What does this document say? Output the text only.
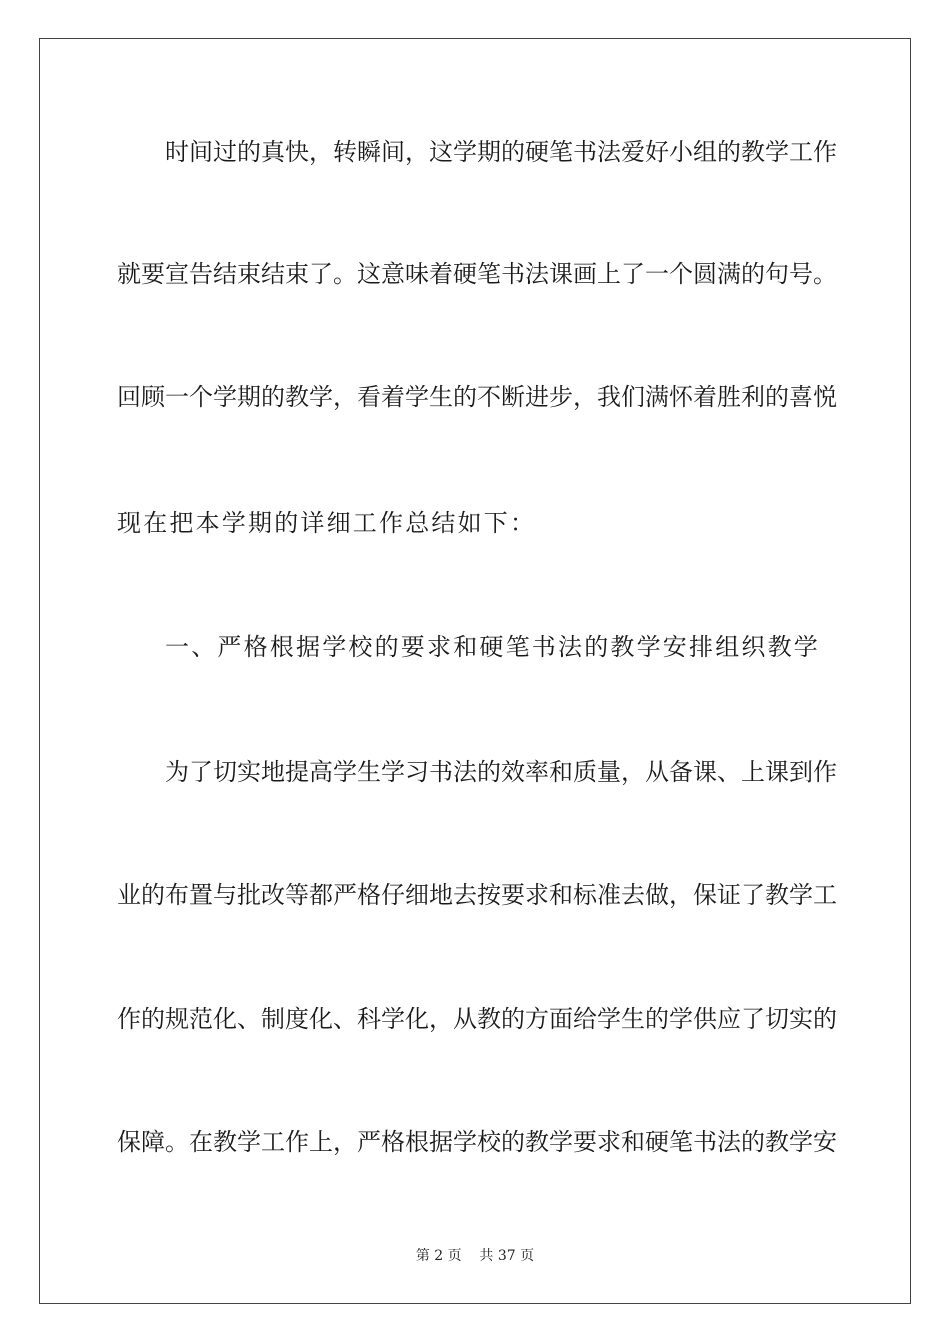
时间过的真快，转瞬间，这学期的硬笔书法爱好小组的教学工作
就要宣告结束结束了。这意味着硬笔书法课画上了一个圆满的句号。
回顾一个学期的教学，看着学生的不断进步，我们满怀着胜利的喜悦
现在把本学期的详细工作总结如下：
一、严格根据学校的要求和硬笔书法的教学安排组织教学
为了切实地提高学生学习书法的效率和质量，从备课、上课到作
业的布置与批改等都严格仔细地去按要求和标准去做，保证了教学工
作的规范化、制度化、科学化，从教的方面给学生的学供应了切实的
保障。在教学工作上，严格根据学校的教学要求和硬笔书法的教学安
第 2 页    共 37 页
